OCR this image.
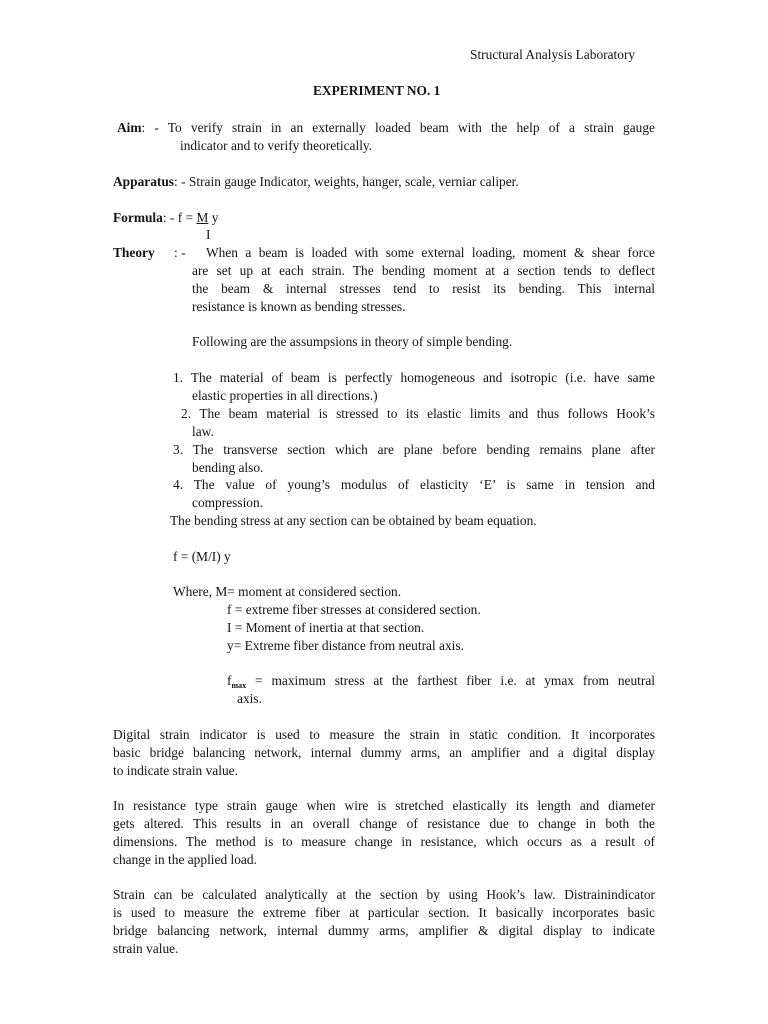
Structural Analysis Laboratory
EXPERIMENT NO. 1
Aim: - To verify strain in an externally loaded beam with the help of a strain gauge
indicator and to verify theoretically.
Apparatus: - Strain gauge Indicator, weights, hanger, scale, verniar caliper.
Formula: - f = M y
I
Theory : - When a beam is loaded with some external loading, moment & shear force
are set up at each strain. The bending moment at a section tends to deflect
the beam & internal stresses tend to resist its bending. This internal
resistance is known as bending stresses.
Following are the assumpsions in theory of simple bending.
1. The material of beam is perfectly homogeneous and isotropic (i.e. have same
elastic properties in all directions.)
2. The beam material is stressed to its elastic limits and thus follows Hook’s
law.
3. The transverse section which are plane before bending remains plane after
bending also.
4. The value of young’s modulus of elasticity ‘E’ is same in tension and
compression.
The bending stress at any section can be obtained by beam equation.
f = (M/I) y
Where, M= moment at considered section.
f = extreme fiber stresses at considered section.
I = Moment of inertia at that section.
y= Extreme fiber distance from neutral axis.
$f_{max}$ = maximum stress at the farthest fiber i.e. at ymax from neutral
axis.
Digital strain indicator is used to measure the strain in static condition. It incorporates
basic bridge balancing network, internal dummy arms, an amplifier and a digital display
to indicate strain value.
In resistance type strain gauge when wire is stretched elastically its length and diameter
gets altered. This results in an overall change of resistance due to change in both the
dimensions. The method is to measure change in resistance, which occurs as a result of
change in the applied load.
Strain can be calculated analytically at the section by using Hook’s law. Distrainindicator
is used to measure the extreme fiber at particular section. It basically incorporates basic
bridge balancing network, internal dummy arms, amplifier & digital display to indicate
strain value.
